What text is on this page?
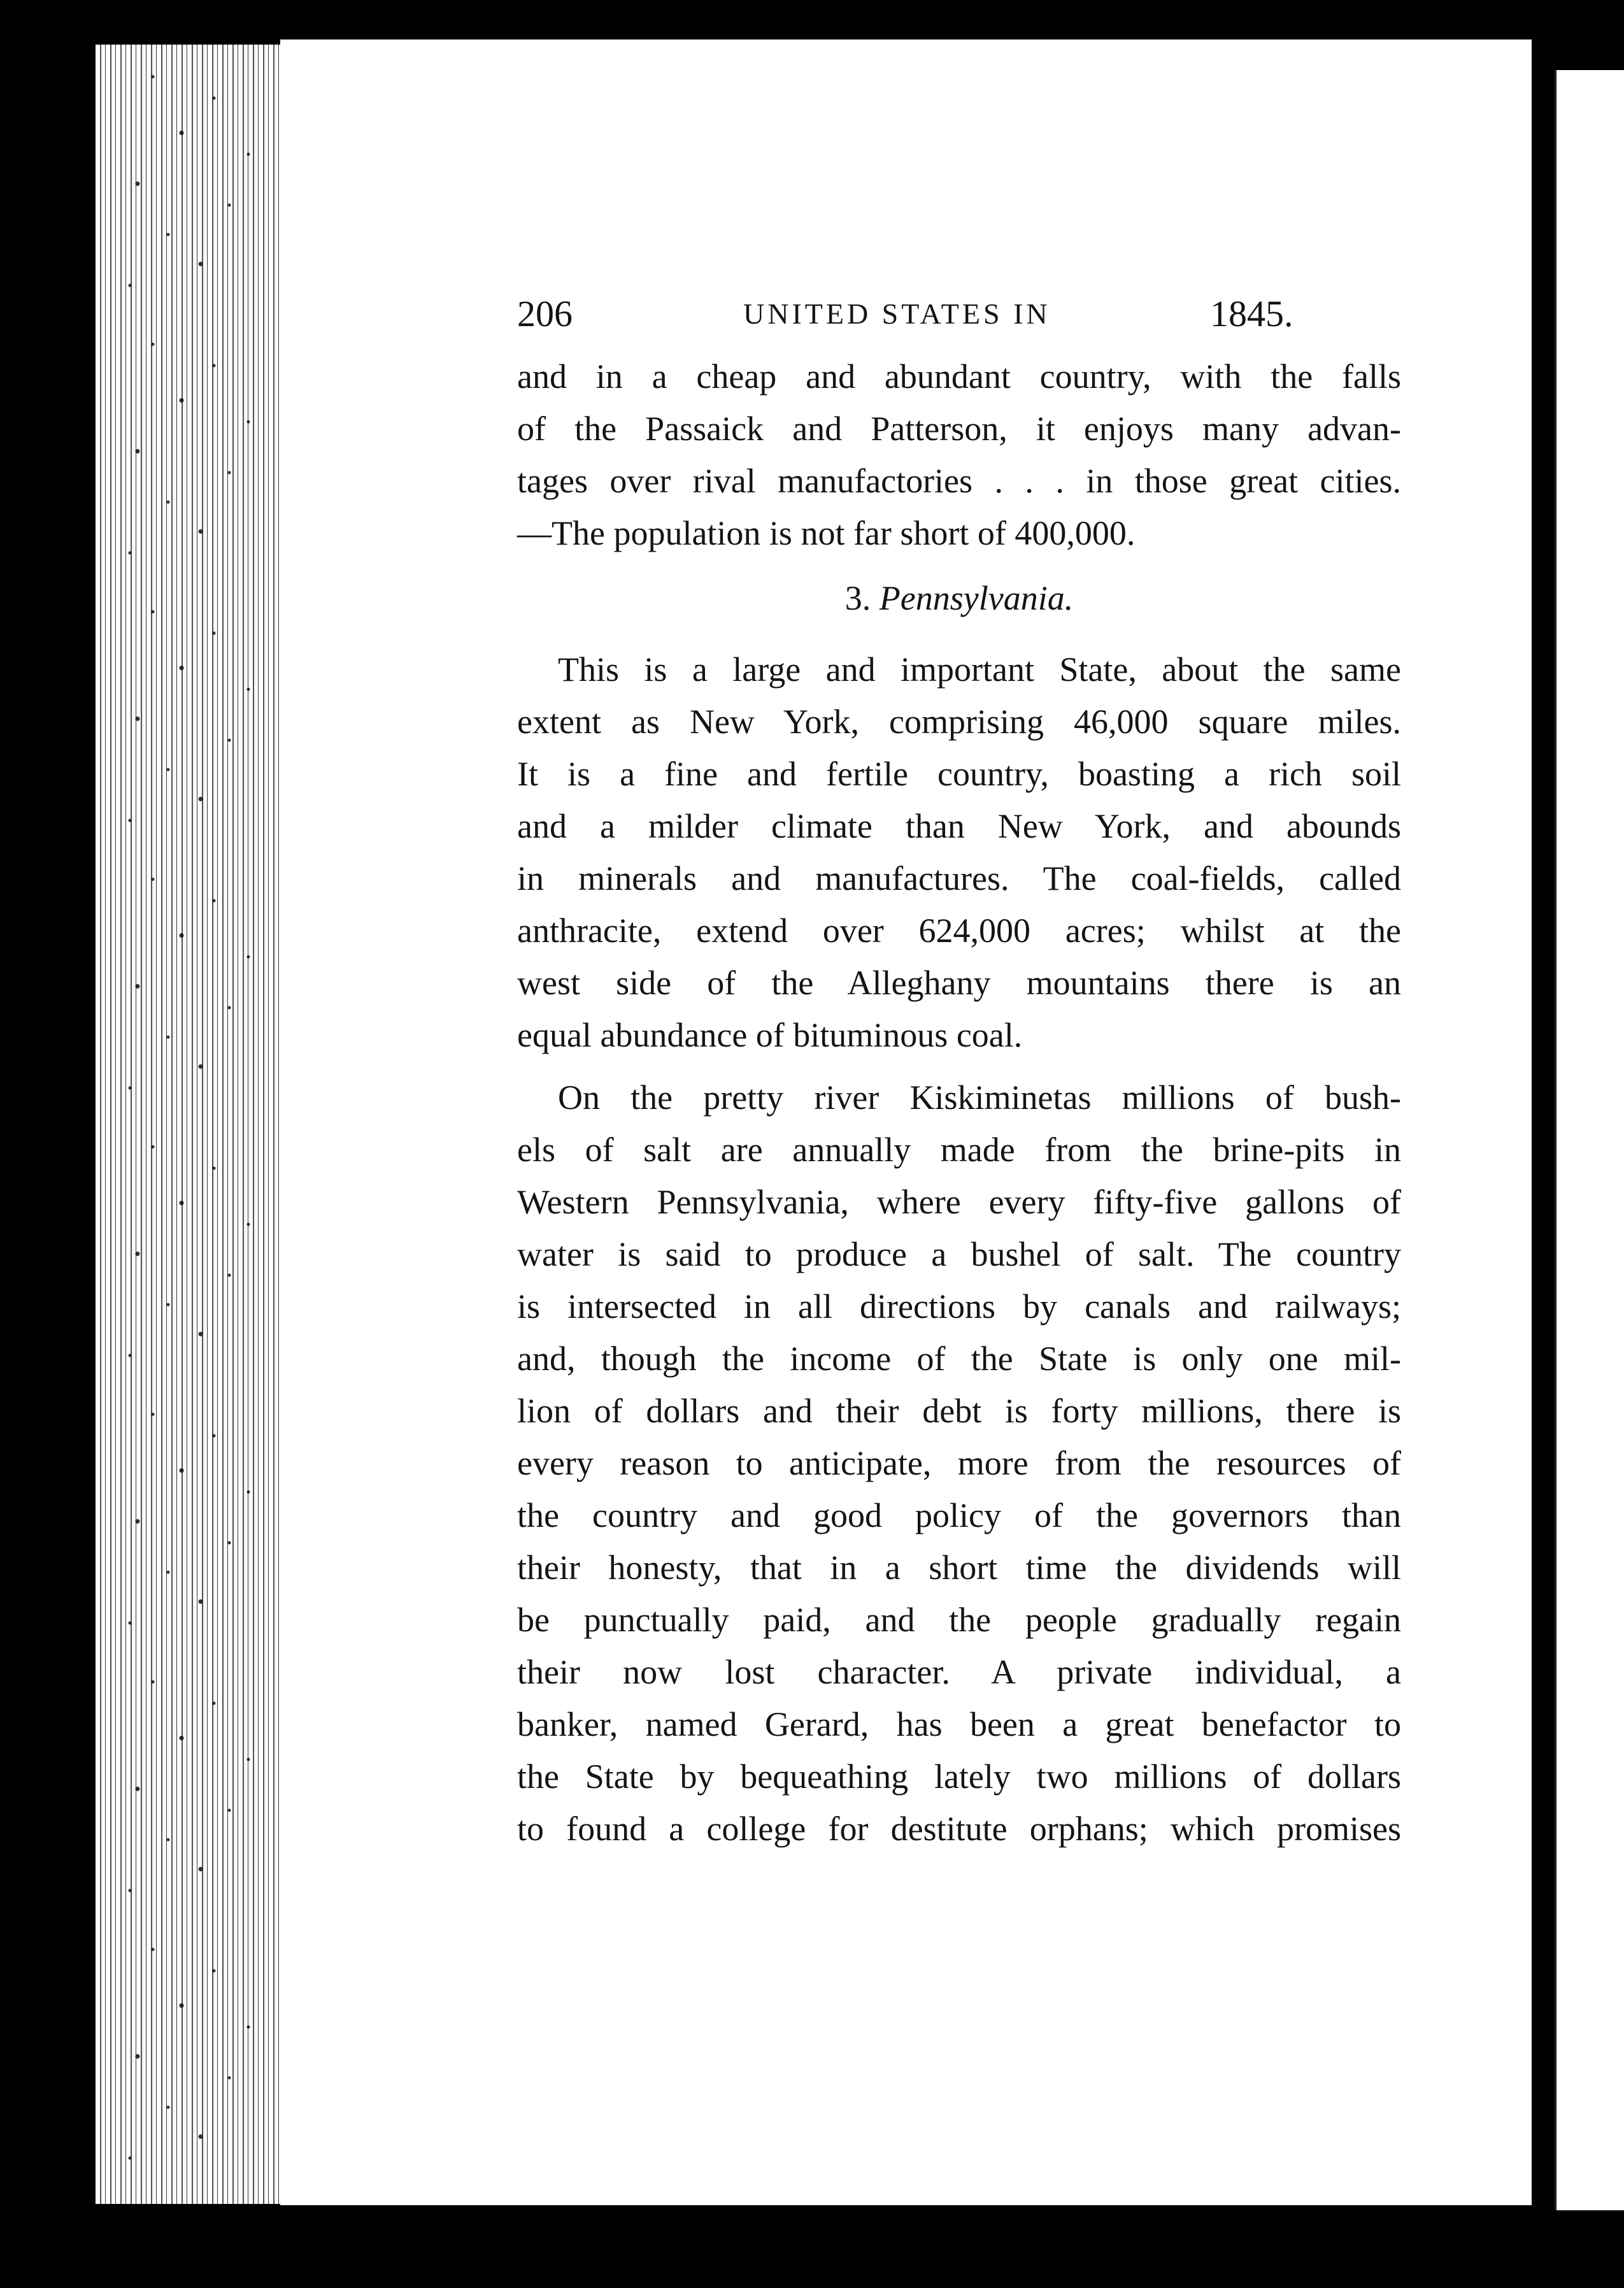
206	UNITED STATES IN	1845.
and in a cheap and abundant country, with the falls
of the Passaick and Patterson, it enjoys many advan-
tages over rival manufactories . . . in those great cities.
—The population is not far short of 400,000.
3. Pennsylvania.
This is a large and important State, about the same
extent as New York, comprising 46,000 square miles.
It is a fine and fertile country, boasting a rich soil
and a milder climate than New York, and abounds
in minerals and manufactures. The coal-fields, called
anthracite, extend over 624,000 acres; whilst at the
west side of the Alleghany mountains there is an
equal abundance of bituminous coal.
On the pretty river Kiskiminetas millions of bush-
els of salt are annually made from the brine-pits in
Western Pennsylvania, where every fifty-five gallons of
water is said to produce a bushel of salt. The country
is intersected in all directions by canals and railways;
and, though the income of the State is only one mil-
lion of dollars and their debt is forty millions, there is
every reason to anticipate, more from the resources of
the country and good policy of the governors than
their honesty, that in a short time the dividends will
be punctually paid, and the people gradually regain
their now lost character. A private individual, a
banker, named Gerard, has been a great benefactor to
the State by bequeathing lately two millions of dollars
to found a college for destitute orphans; which promises
